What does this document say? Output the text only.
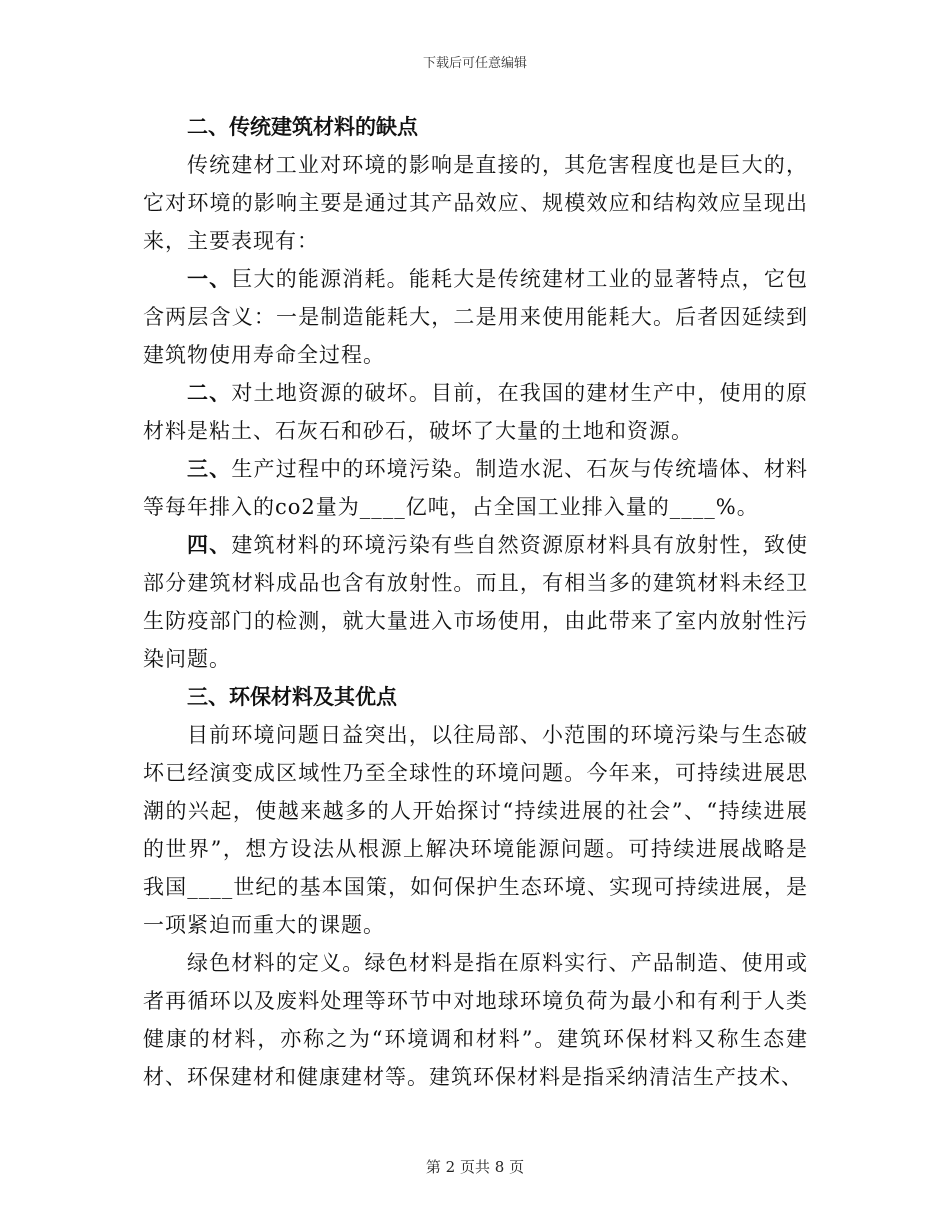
下载后可任意编辑

二、传统建筑材料的缺点

传统建材工业对环境的影响是直接的，其危害程度也是巨大的，它对环境的影响主要是通过其产品效应、规模效应和结构效应呈现出来，主要表现有：

一、巨大的能源消耗。能耗大是传统建材工业的显著特点，它包含两层含义：一是制造能耗大，二是用来使用能耗大。后者因延续到建筑物使用寿命全过程。

二、对土地资源的破坏。目前，在我国的建材生产中，使用的原材料是粘土、石灰石和砂石，破坏了大量的土地和资源。

三、生产过程中的环境污染。制造水泥、石灰与传统墙体、材料等每年排入的co2量为____亿吨，占全国工业排入量的____%。

四、建筑材料的环境污染有些自然资源原材料具有放射性，致使部分建筑材料成品也含有放射性。而且，有相当多的建筑材料未经卫生防疫部门的检测，就大量进入市场使用，由此带来了室内放射性污染问题。

三、环保材料及其优点

目前环境问题日益突出，以往局部、小范围的环境污染与生态破坏已经演变成区域性乃至全球性的环境问题。今年来，可持续进展思潮的兴起，使越来越多的人开始探讨“持续进展的社会”、“持续进展的世界”，想方设法从根源上解决环境能源问题。可持续进展战略是我国____世纪的基本国策，如何保护生态环境、实现可持续进展，是一项紧迫而重大的课题。

绿色材料的定义。绿色材料是指在原料实行、产品制造、使用或者再循环以及废料处理等环节中对地球环境负荷为最小和有利于人类健康的材料，亦称之为“环境调和材料”。建筑环保材料又称生态建材、环保建材和健康建材等。建筑环保材料是指采纳清洁生产技术、

第 2 页共 8 页
